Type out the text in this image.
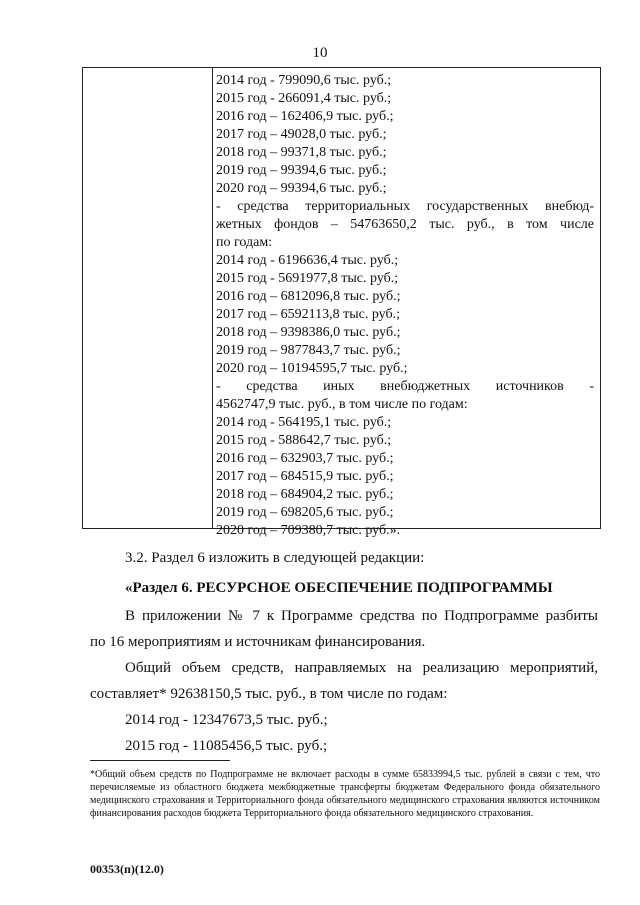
10
2014 год - 799090,6 тыс. руб.;
2015 год - 266091,4 тыс. руб.;
2016 год – 162406,9 тыс. руб.;
2017 год – 49028,0 тыс. руб.;
2018 год – 99371,8 тыс. руб.;
2019 год – 99394,6 тыс. руб.;
2020 год – 99394,6 тыс. руб.;
- средства территориальных государственных внебюд-
жетных фондов – 54763650,2 тыс. руб., в том числе
по годам:
2014 год - 6196636,4 тыс. руб.;
2015 год - 5691977,8 тыс. руб.;
2016 год – 6812096,8 тыс. руб.;
2017 год – 6592113,8 тыс. руб.;
2018 год – 9398386,0 тыс. руб.;
2019 год – 9877843,7 тыс. руб.;
2020 год – 10194595,7 тыс. руб.;
- средства иных внебюджетных источников -
4562747,9 тыс. руб., в том числе по годам:
2014 год - 564195,1 тыс. руб.;
2015 год - 588642,7 тыс. руб.;
2016 год – 632903,7 тыс. руб.;
2017 год – 684515,9 тыс. руб.;
2018 год – 684904,2 тыс. руб.;
2019 год – 698205,6 тыс. руб.;
2020 год – 709380,7 тыс. руб.».
3.2. Раздел 6 изложить в следующей редакции:
«Раздел 6. РЕСУРСНОЕ ОБЕСПЕЧЕНИЕ ПОДПРОГРАММЫ
В приложении № 7 к Программе средства по Подпрограмме разбиты
по 16 мероприятиям и источникам финансирования.
Общий объем средств, направляемых на реализацию мероприятий,
составляет* 92638150,5 тыс. руб., в том числе по годам:
2014 год - 12347673,5 тыс. руб.;
2015 год - 11085456,5 тыс. руб.;
*Общий объем средств по Подпрограмме не включает расходы в сумме 65833994,5 тыс. рублей в связи с тем, что перечисляемые из областного бюджета межбюджетные трансферты бюджетам Федерального фонда обязательного медицинского страхования и Территориального фонда обязательного медицинского страхования являются источником финансирования расходов бюджета Территориального фонда обязательного медицинского страхования.
00353(п)(12.0)
